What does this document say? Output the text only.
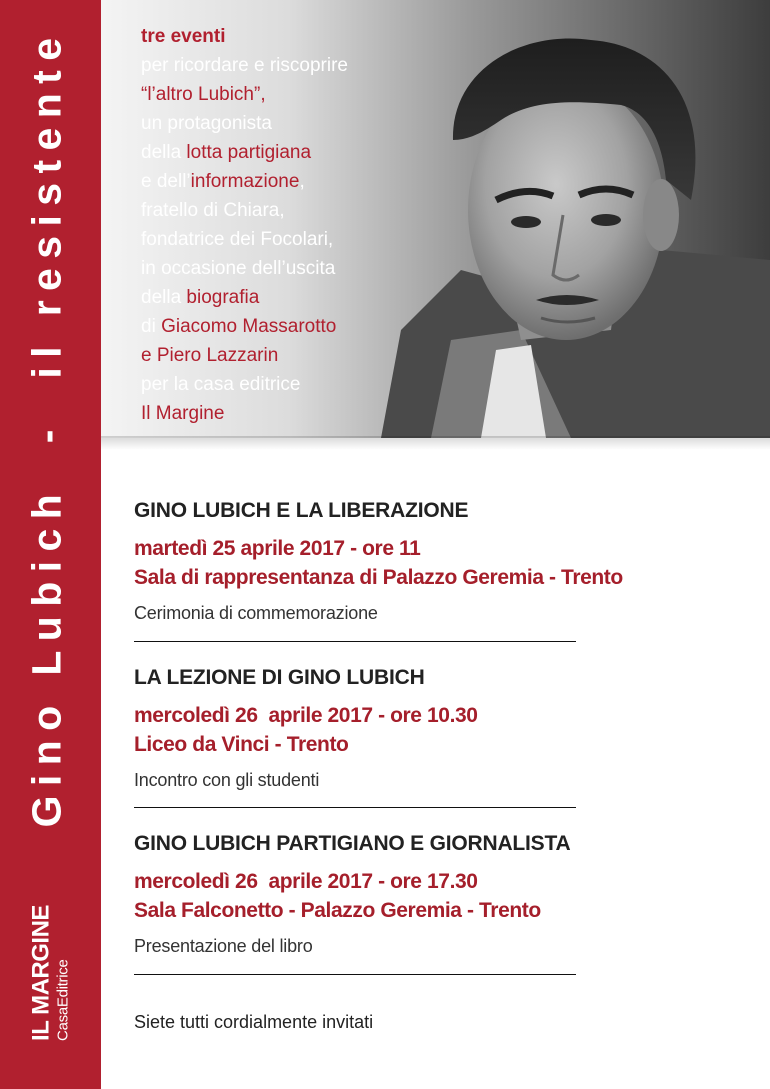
Gino Lubich  -  il resistente
IL MARGINE CasaEditrice
tre eventi
per ricordare e riscoprire
“l’altro Lubich”,
un protagonista
della lotta partigiana
e dell’informazione,
fratello di Chiara,
fondatrice dei Focolari,
in occasione dell’uscita
della biografia
di Giacomo Massarotto
e Piero Lazzarin
per la casa editrice
Il Margine
GINO LUBICH E LA LIBERAZIONE
martedì 25 aprile 2017 - ore 11
Sala di rappresentanza di Palazzo Geremia - Trento
Cerimonia di commemorazione
LA LEZIONE DI GINO LUBICH
mercoledì 26  aprile 2017 - ore 10.30
Liceo da Vinci - Trento
Incontro con gli studenti
GINO LUBICH PARTIGIANO E GIORNALISTA
mercoledì 26  aprile 2017 - ore 17.30
Sala Falconetto - Palazzo Geremia - Trento
Presentazione del libro
Siete tutti cordialmente invitati
